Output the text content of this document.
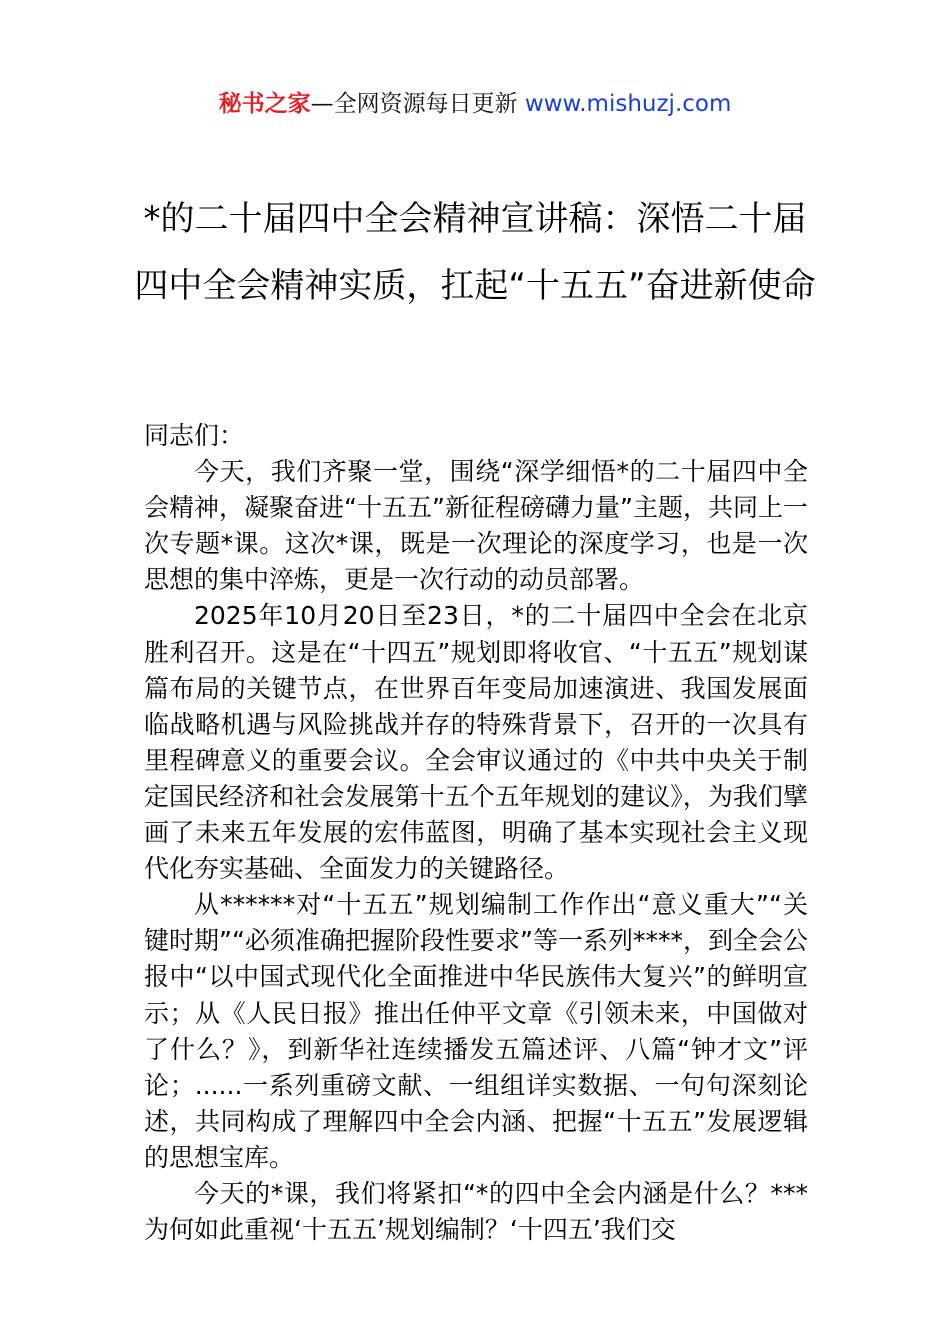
秘书之家—全网资源每日更新 www.mishuzj.com
*的二十届四中全会精神宣讲稿：深悟二十届四中全会精神实质，扛起“十五五”奋进新使命

同志们：

今天，我们齐聚一堂，围绕“深学细悟*的二十届四中全会精神，凝聚奋进“十五五”新征程磅礴力量”主题，共同上一次专题*课。这次*课，既是一次理论的深度学习，也是一次思想的集中淬炼，更是一次行动的动员部署。

2025年10月20日至23日，*的二十届四中全会在北京胜利召开。这是在“十四五”规划即将收官、“十五五”规划谋篇布局的关键节点，在世界百年变局加速演进、我国发展面临战略机遇与风险挑战并存的特殊背景下，召开的一次具有里程碑意义的重要会议。全会审议通过的《中共中央关于制定国民经济和社会发展第十五个五年规划的建议》，为我们擘画了未来五年发展的宏伟蓝图，明确了基本实现社会主义现代化夯实基础、全面发力的关键路径。

从******对“十五五”规划编制工作作出“意义重大”“关键时期”“必须准确把握阶段性要求”等一系列****，到全会公报中“以中国式现代化全面推进中华民族伟大复兴”的鲜明宣示；从《人民日报》推出任仲平文章《引领未来，中国做对了什么？》，到新华社连续播发五篇述评、八篇“钟才文”评论；......一系列重磅文献、一组组详实数据、一句句深刻论述，共同构成了理解四中全会内涵、把握“十五五”发展逻辑的思想宝库。

今天的*课，我们将紧扣“*的四中全会内涵是什么？***为何如此重视‘十五五’规划编制？‘十四五’我们交
